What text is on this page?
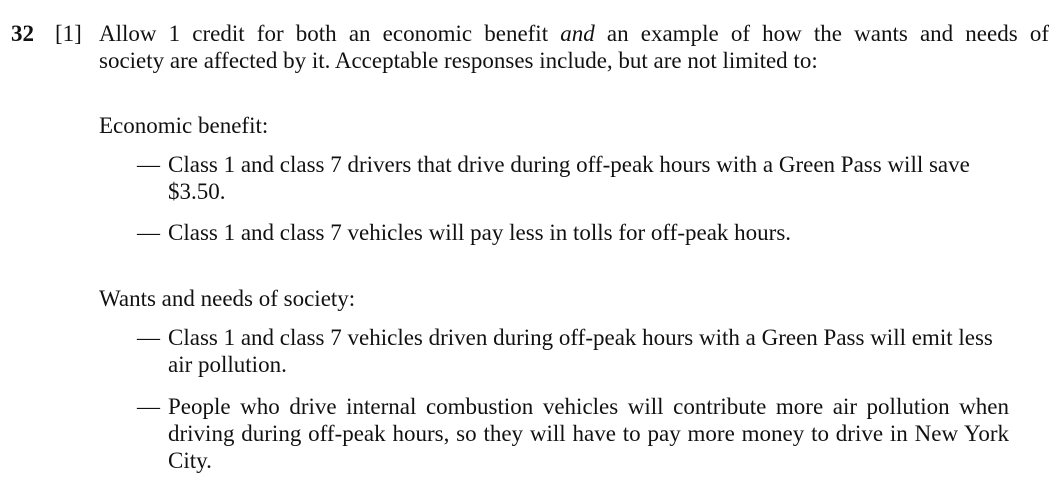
32 [1] Allow 1 credit for both an economic benefit and an example of how the wants and needs of
society are affected by it. Acceptable responses include, but are not limited to:
Economic benefit:
— Class 1 and class 7 drivers that drive during off-peak hours with a Green Pass will save $3.50.
— Class 1 and class 7 vehicles will pay less in tolls for off-peak hours.
Wants and needs of society:
— Class 1 and class 7 vehicles driven during off-peak hours with a Green Pass will emit less air pollution.
— People who drive internal combustion vehicles will contribute more air pollution when driving during off-peak hours, so they will have to pay more money to drive in New York City.
